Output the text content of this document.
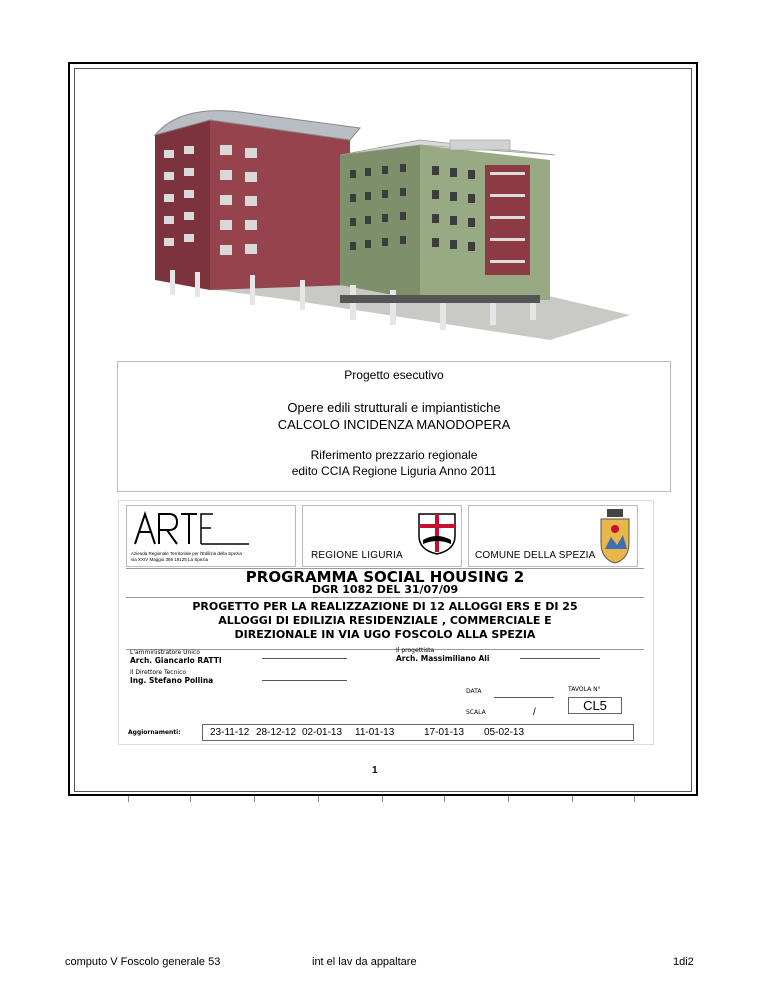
Progetto esecutivo
Opere edili strutturali e impiantistiche
CALCOLO INCIDENZA MANODOPERA
Riferimento prezzario regionale
edito CCIA Regione Liguria Anno 2011
Azienda Regionale Territoriale per l'Edilizia della Spezia
via XXIV Maggio 369 19125 La Spezia	REGIONE LIGURIA	COMUNE DELLA SPEZIA
PROGRAMMA SOCIAL HOUSING 2
DGR 1082 DEL 31/07/09
PROGETTO PER LA REALIZZAZIONE DI 12 ALLOGGI ERS E DI 25
ALLOGGI DI EDILIZIA RESIDENZIALE , COMMERCIALE E
DIREZIONALE IN VIA UGO FOSCOLO ALLA SPEZIA
L'amministratore Unico
Arch. Giancarlo RATTI
Il progettista
Arch. Massimiliano Ali
Il Direttore Tecnico
Ing. Stefano Pollina
DATA	TAVOLA N°
SCALA	/	CL5
Aggiornamenti:	23-11-12 28-12-12 02-01-13 11-01-13	17-01-13 05-02-13
1
computo V Foscolo generale 53	int el lav da appaltare	1di2
